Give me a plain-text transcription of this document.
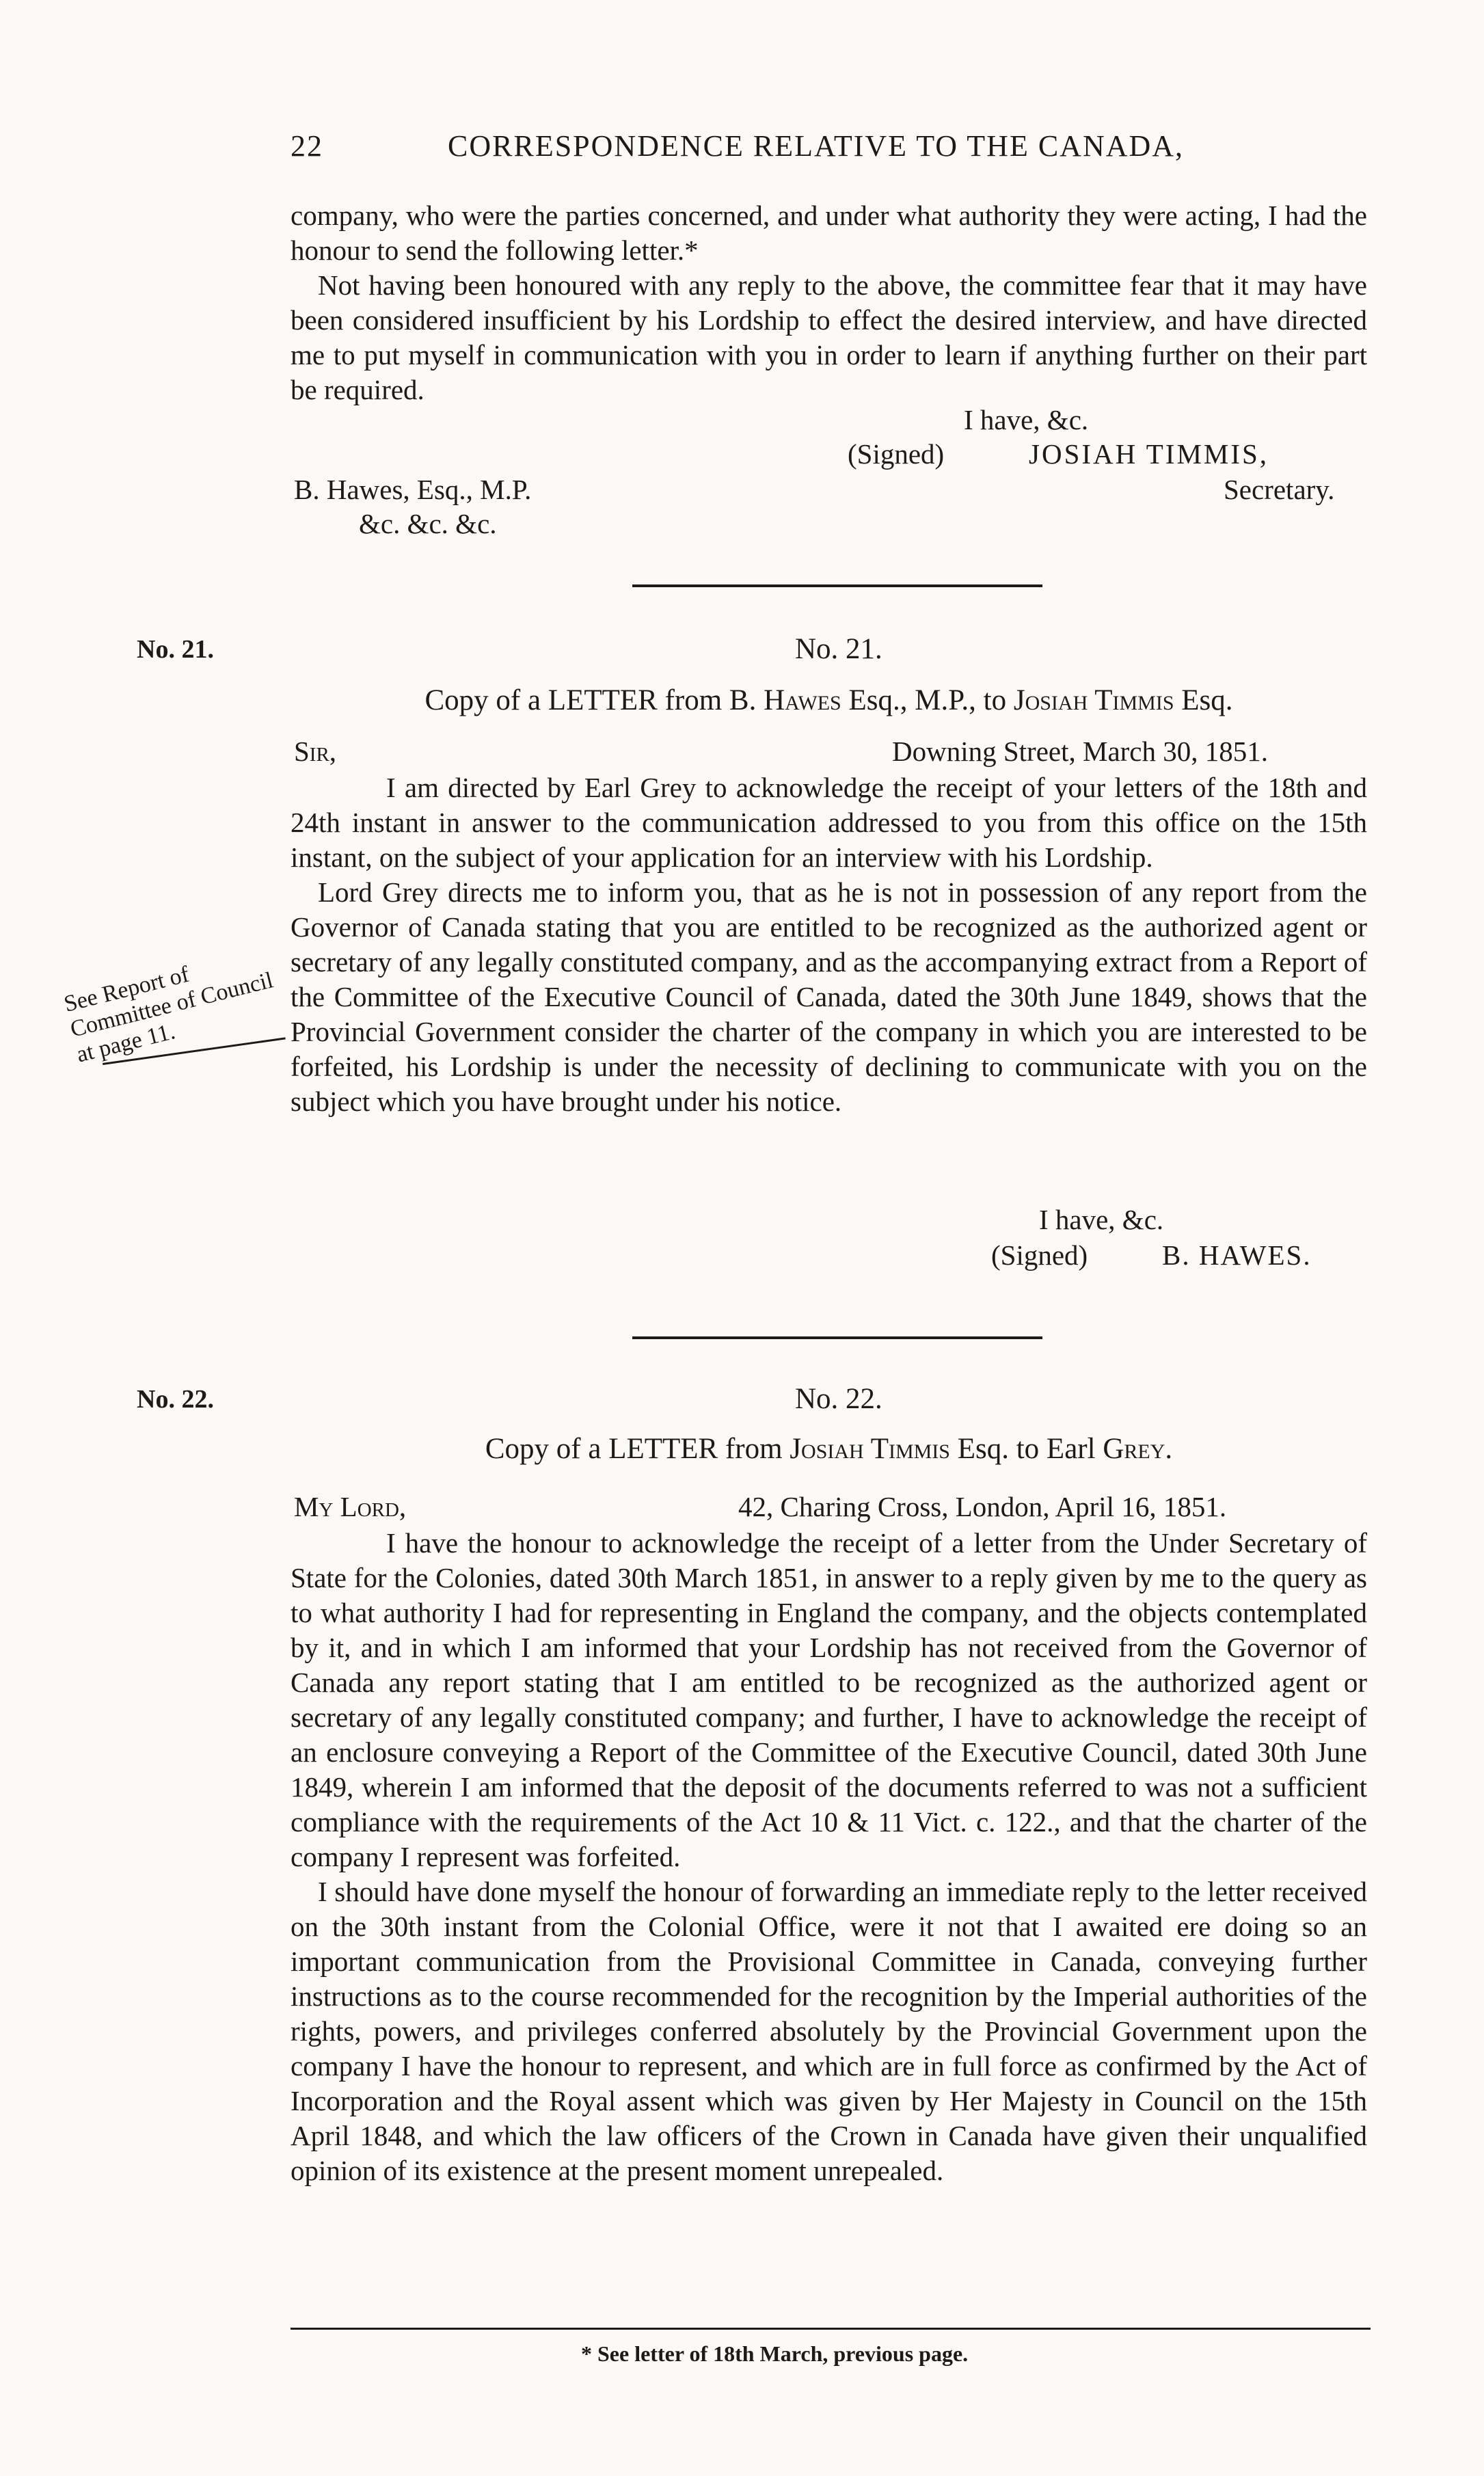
22	CORRESPONDENCE RELATIVE TO THE CANADA,

company, who were the parties concerned, and under what authority they were acting, I had the honour to send the following letter.*

Not having been honoured with any reply to the above, the committee fear that it may have been considered insufficient by his Lordship to effect the desired interview, and have directed me to put myself in communication with you in order to learn if anything further on their part be required.

I have, &c.
(Signed)	JOSIAH TIMMIS,
Secretary.
B. Hawes, Esq., M.P.
&c. &c. &c.
No. 21.	No. 21.
Copy of a LETTER from B. Hawes Esq., M.P., to Josiah Timmis Esq.
Sir,	Downing Street, March 30, 1851.

I am directed by Earl Grey to acknowledge the receipt of your letters of the 18th and 24th instant in answer to the communication addressed to you from this office on the 15th instant, on the subject of your application for an interview with his Lordship.

Lord Grey directs me to inform you, that as he is not in possession of any report from the Governor of Canada stating that you are entitled to be recognized as the authorized agent or secretary of any legally constituted company, and as the accompanying extract from a Report of the Committee of the Executive Council of Canada, dated the 30th June 1849, shows that the Provincial Government consider the charter of the company in which you are interested to be forfeited, his Lordship is under the necessity of declining to communicate with you on the subject which you have brought under his notice.

See Report of Committee of Council at page 11.
I have, &c.
(Signed)	B. HAWES.
No. 22.	No. 22.
Copy of a LETTER from Josiah Timmis Esq. to Earl Grey.
My Lord,	42, Charing Cross, London, April 16, 1851.

I have the honour to acknowledge the receipt of a letter from the Under Secretary of State for the Colonies, dated 30th March 1851, in answer to a reply given by me to the query as to what authority I had for representing in England the company, and the objects contemplated by it, and in which I am informed that your Lordship has not received from the Governor of Canada any report stating that I am entitled to be recognized as the authorized agent or secretary of any legally constituted company; and further, I have to acknowledge the receipt of an enclosure conveying a Report of the Committee of the Executive Council, dated 30th June 1849, wherein I am informed that the deposit of the documents referred to was not a sufficient compliance with the requirements of the Act 10 & 11 Vict. c. 122., and that the charter of the company I represent was forfeited.

I should have done myself the honour of forwarding an immediate reply to the letter received on the 30th instant from the Colonial Office, were it not that I awaited ere doing so an important communication from the Provisional Committee in Canada, conveying further instructions as to the course recommended for the recognition by the Imperial authorities of the rights, powers, and privileges conferred absolutely by the Provincial Government upon the company I have the honour to represent, and which are in full force as confirmed by the Act of Incorporation and the Royal assent which was given by Her Majesty in Council on the 15th April 1848, and which the law officers of the Crown in Canada have given their unqualified opinion of its existence at the present moment unrepealed.

* See letter of 18th March, previous page.
